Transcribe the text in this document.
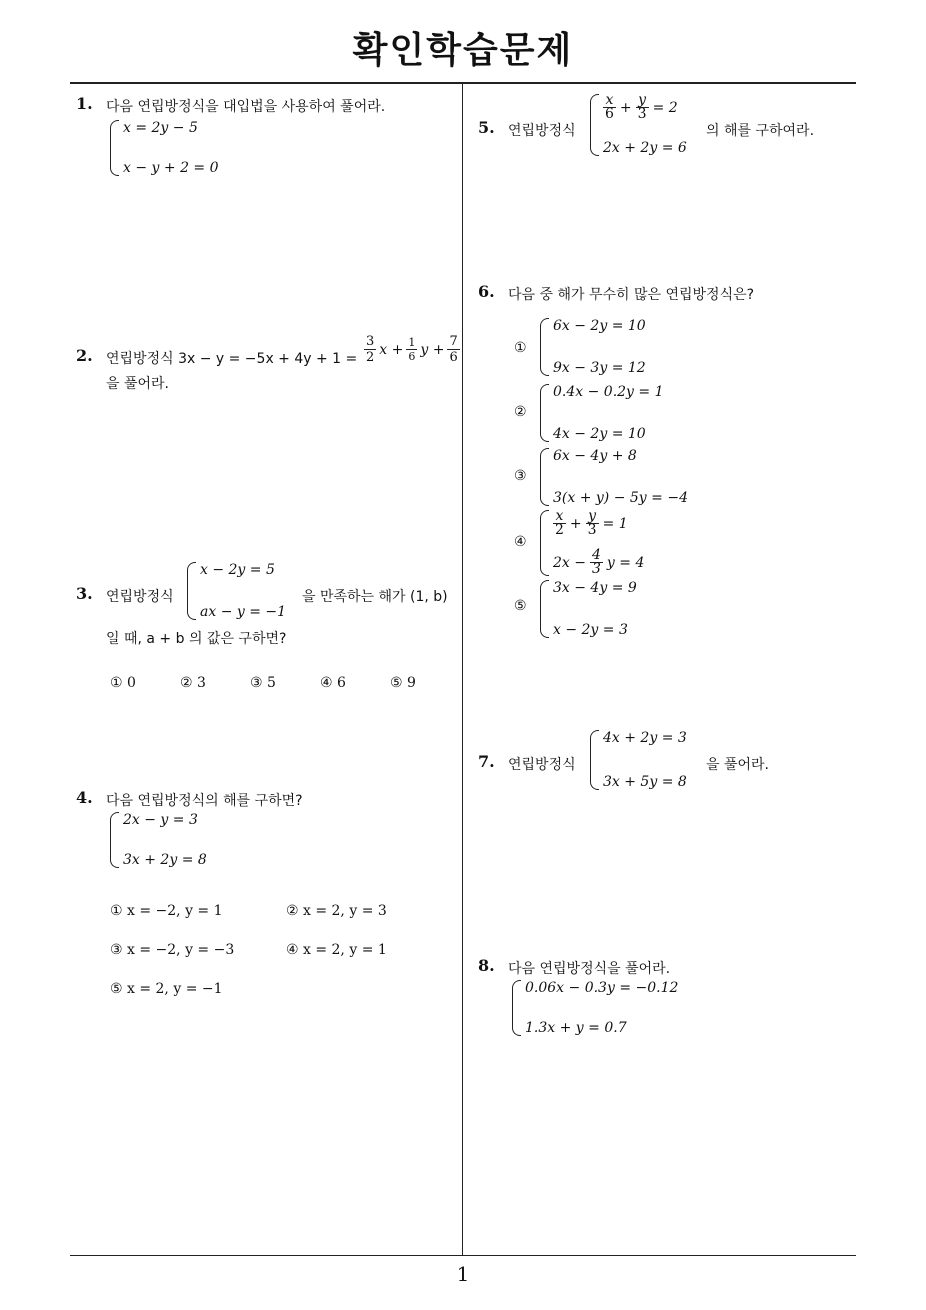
확인학습문제
1
1. 다음 연립방정식을 대입법을 사용하여 풀어라.
x = 2y − 5
x − y + 2 = 0
2. 연립방정식 3x − y = −5x + 4y + 1 =
3
2 $x + \frac{1}{6}$ $y + \frac{7}{6}$
을 풀어라.
3. 연립방정식
x − 2y = 5
ax − y = −1
을 만족하는 해가 (1, b)
일 때, a + b 의 값은 구하면?
① 0	② 3	③ 5	④ 6	⑤ 9
4. 다음 연립방정식의 해를 구하면?
2x − y = 3
3x + 2y = 8
① x = −2, y = 1	② x = 2, y = 3
③ x = −2, y = −3	④ x = 2, y = 1
⑤ x = 2, y = −1
5. 연립방정식
x
$6 + \frac{y}{3} = 2$
2x + 2y = 6
의 해를 구하여라.
6. 다음 중 해가 무수히 많은 연립방정식은?
①
6x − 2y = 10
9x − 3y = 12
②
0.4x − 0.2y = 1
4x − 2y = 10
③
6x − 4y + 8
3(x + y) − 5y = −4
④
x
$2 + \frac{y}{3} = 1$
$2x - \frac{4}{3}$ y = 4
⑤
3x − 4y = 9
x − 2y = 3
7. 연립방정식
4x + 2y = 3
3x + 5y = 8
을 풀어라.
8. 다음 연립방정식을 풀어라.
0.06x − 0.3y = −0.12
1.3x + y = 0.7
